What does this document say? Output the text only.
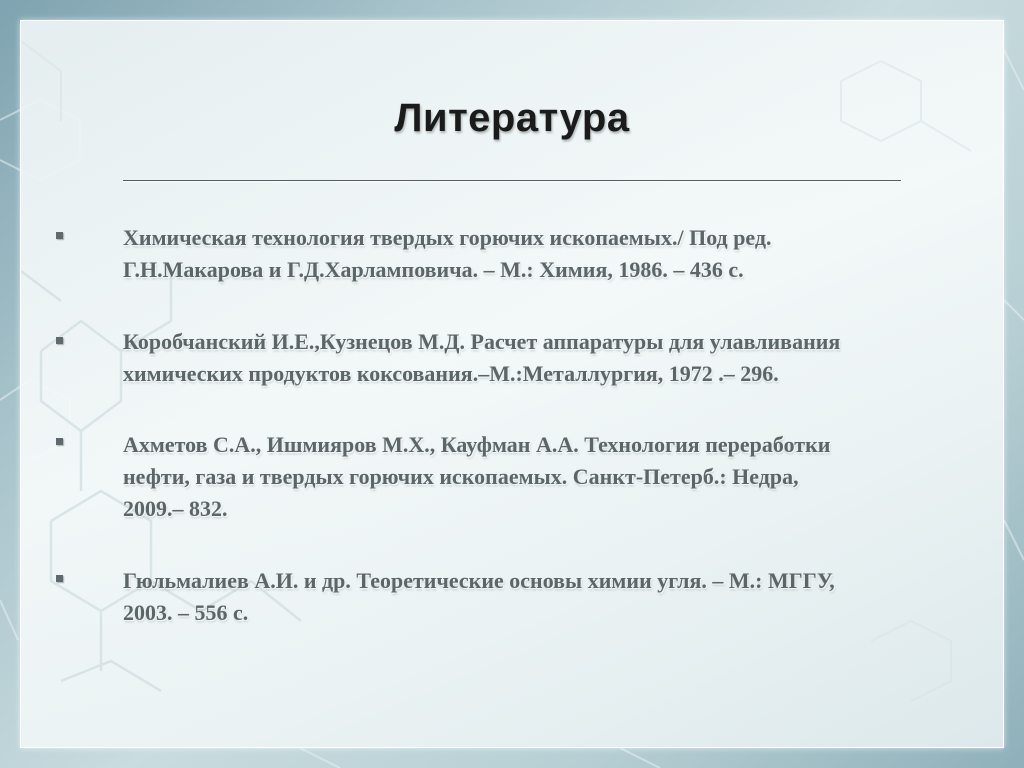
Литература
Химическая технология твердых горючих ископаемых./ Под ред.
Г.Н.Макарова и Г.Д.Харламповича. – М.: Химия, 1986. – 436 с.
Коробчанский И.Е.,Кузнецов М.Д. Расчет аппаратуры для улавливания
химических продуктов коксования.–М.:Металлургия, 1972 .– 296.
Ахметов С.А., Ишмияров М.Х., Кауфман А.А. Технология переработки
нефти, газа и твердых горючих ископаемых. Санкт-Петерб.: Недра,
2009.– 832.
Гюльмалиев А.И. и др. Теоретические основы химии угля. – М.: МГГУ,
2003. – 556 с.
